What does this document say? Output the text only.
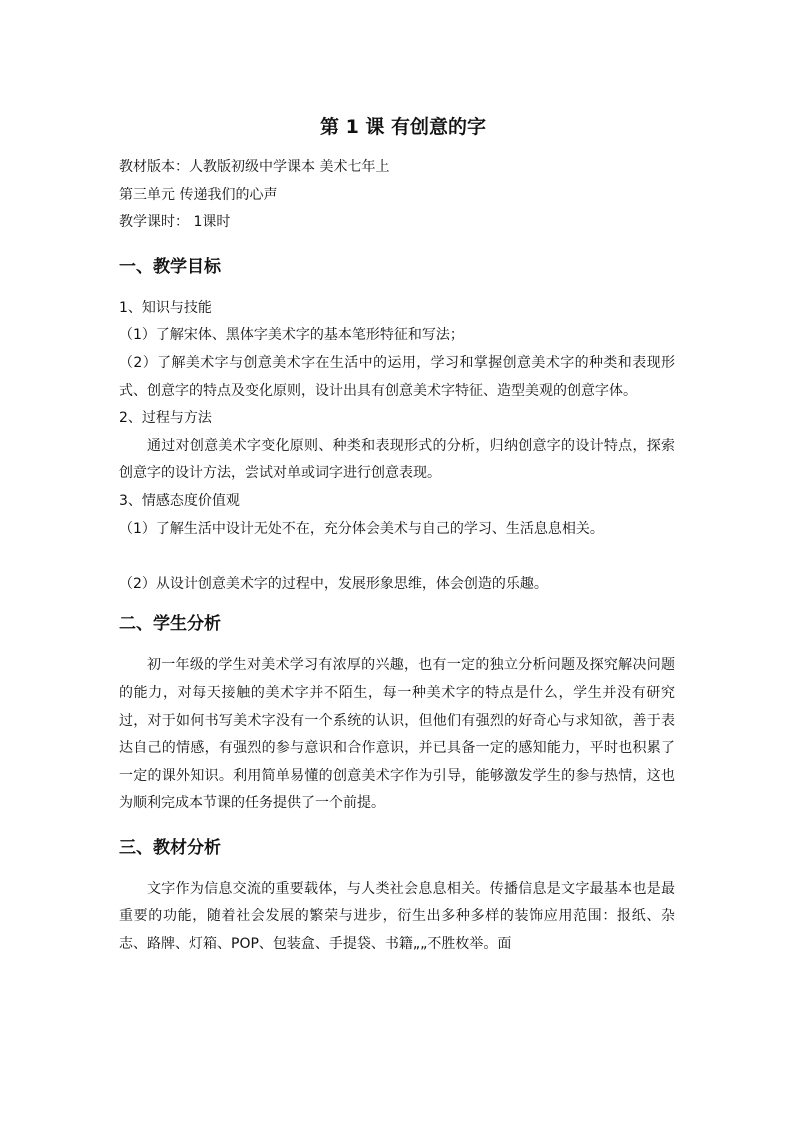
第 1 课 有创意的字

教材版本：人教版初级中学课本 美术七年上

第三单元 传递我们的心声

教学课时： 1课时

一、教学目标

1、知识与技能

（1）了解宋体、黑体字美术字的基本笔形特征和写法；

（2）了解美术字与创意美术字在生活中的运用，学习和掌握创意美术字的种类和表现形式、创意字的特点及变化原则，设计出具有创意美术字特征、造型美观的创意字体。

2、过程与方法

通过对创意美术字变化原则、种类和表现形式的分析，归纳创意字的设计特点，探索创意字的设计方法，尝试对单或词字进行创意表现。

3、情感态度价值观

（1）了解生活中设计无处不在，充分体会美术与自己的学习、生活息息相关。

（2）从设计创意美术字的过程中，发展形象思维，体会创造的乐趣。

二、学生分析

初一年级的学生对美术学习有浓厚的兴趣，也有一定的独立分析问题及探究解决问题的能力，对每天接触的美术字并不陌生，每一种美术字的特点是什么，学生并没有研究过，对于如何书写美术字没有一个系统的认识，但他们有强烈的好奇心与求知欲，善于表达自己的情感，有强烈的参与意识和合作意识，并已具备一定的感知能力，平时也积累了一定的课外知识。利用简单易懂的创意美术字作为引导，能够激发学生的参与热情，这也为顺利完成本节课的任务提供了一个前提。

三、教材分析

文字作为信息交流的重要载体，与人类社会息息相关。传播信息是文字最基本也是最重要的功能，随着社会发展的繁荣与进步，衍生出多种多样的装饰应用范围：报纸、杂志、路牌、灯箱、POP、包装盒、手提袋、书籍„„不胜枚举。面
